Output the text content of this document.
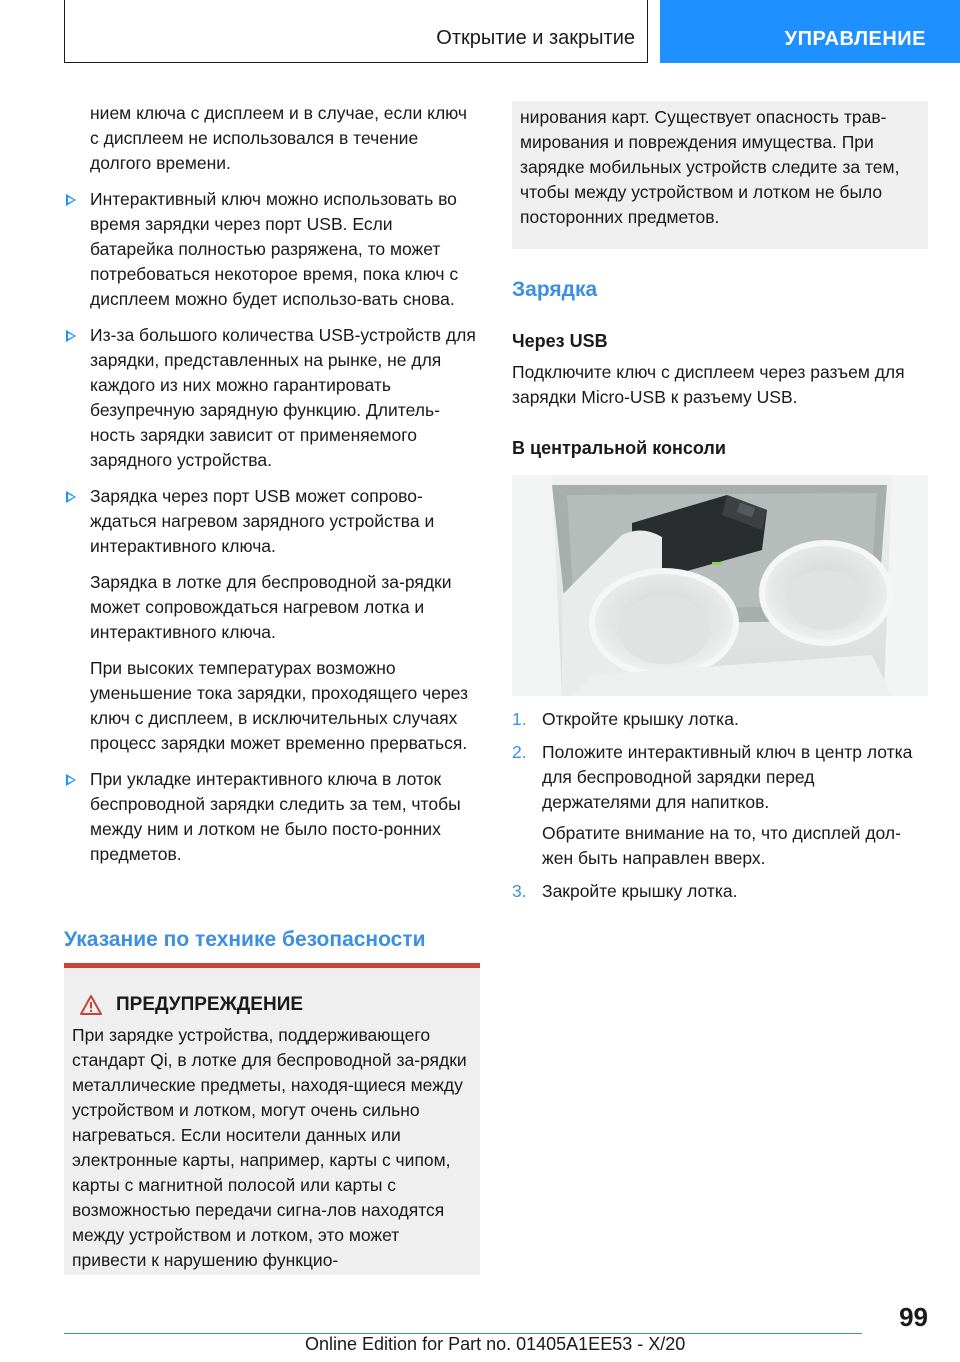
Открытие и закрытие	УПРАВЛЕНИЕ

нием ключа с дисплеем и в случае, если ключ с дисплеем не использовался в течение долгого времени.

Интерактивный ключ можно использовать во время зарядки через порт USB. Если батарейка полностью разряжена, то может потребоваться некоторое время, пока ключ с дисплеем можно будет использо-вать снова.

Из-за большого количества USB-устройств для зарядки, представленных на рынке, не для каждого из них можно гарантировать безупречную зарядную функцию. Длитель-ность зарядки зависит от применяемого зарядного устройства.

Зарядка через порт USB может сопрово-ждаться нагревом зарядного устройства и интерактивного ключа.

Зарядка в лотке для беспроводной за-рядки может сопровождаться нагревом лотка и интерактивного ключа.

При высоких температурах возможно уменьшение тока зарядки, проходящего через ключ с дисплеем, в исключительных случаях процесс зарядки может временно прерваться.

При укладке интерактивного ключа в лоток беспроводной зарядки следить за тем, чтобы между ним и лотком не было посто-ронних предметов.

Указание по технике безопасности
ПРЕДУПРЕЖДЕНИЕ

При зарядке устройства, поддерживающего стандарт Qi, в лотке для беспроводной за-рядки металлические предметы, находя-щиеся между устройством и лотком, могут очень сильно нагреваться. Если носители данных или электронные карты, например, карты с чипом, карты с магнитной полосой или карты с возможностью передачи сигна-лов находятся между устройством и лотком, это может привести к нарушению функцио-

нирования карт. Существует опасность трав-мирования и повреждения имущества. При зарядке мобильных устройств следите за тем, чтобы между устройством и лотком не было посторонних предметов.

Зарядка
Через USB

Подключите ключ с дисплеем через разъем для зарядки Micro-USB к разъему USB.

В центральной консоли
1. Откройте крышку лотка.
2. Положите интерактивный ключ в центр лотка для беспроводной зарядки перед держателями для напитков.
Обратите внимание на то, что дисплей дол-жен быть направлен вверх.
3. Закройте крышку лотка.
99
Online Edition for Part no. 01405A1EE53 - X/20
